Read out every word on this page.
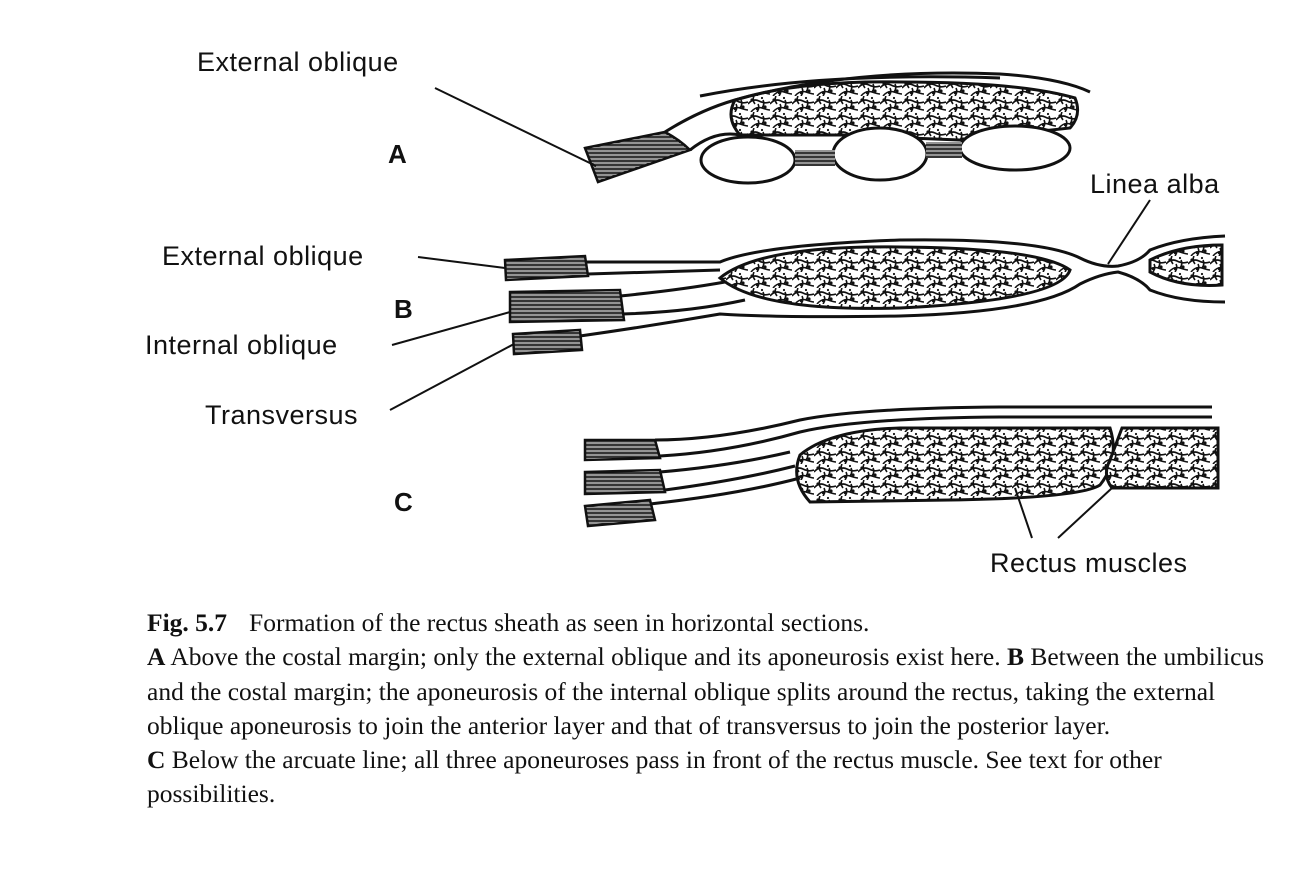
External oblique
Linea alba
External oblique
Internal oblique
Transversus
Rectus muscles
A
B
C

Fig. 5.7 Formation of the rectus sheath as seen in horizontal sections.
A Above the costal margin; only the external oblique and its aponeurosis exist here. B Between the umbilicus and the costal margin; the aponeurosis of the internal oblique splits around the rectus, taking the external oblique aponeurosis to join the anterior layer and that of transversus to join the posterior layer.
C Below the arcuate line; all three aponeuroses pass in front of the rectus muscle. See text for other possibilities.
